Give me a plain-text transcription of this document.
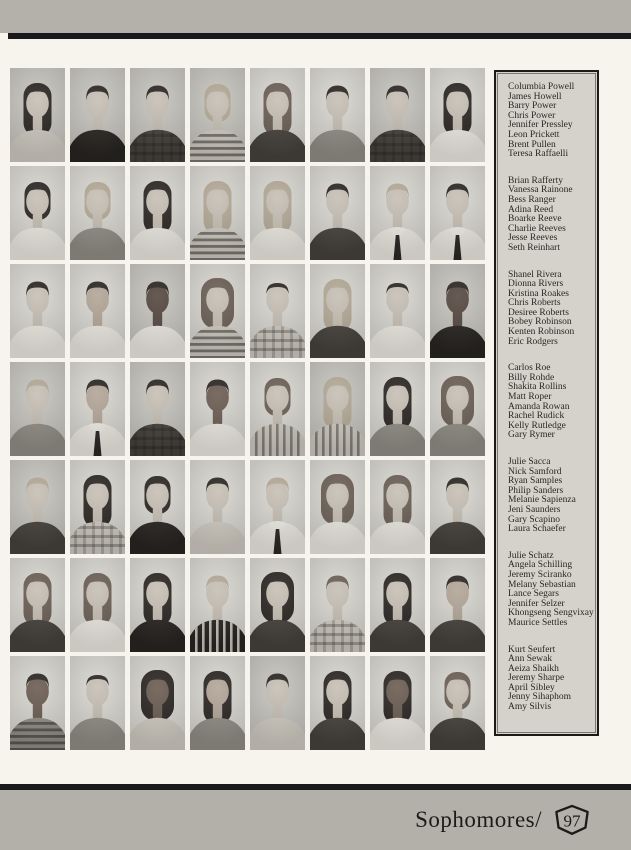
Columbia Powell
James Howell
Barry Power
Chris Power
Jennifer Pressley
Leon Prickett
Brent Pullen
Teresa Raffaelli
Brian Rafferty
Vanessa Rainone
Bess Ranger
Adina Reed
Boarke Reeve
Charlie Reeves
Jesse Reeves
Seth Reinhart
Shanel Rivera
Dionna Rivers
Kristina Roakes
Chris Roberts
Desiree Roberts
Bobey Robinson
Kenten Robinson
Eric Rodgers
Carlos Roe
Billy Rohde
Shakita Rollins
Matt Roper
Amanda Rowan
Rachel Rudick
Kelly Rutledge
Gary Rymer
Julie Sacca
Nick Samford
Ryan Samples
Philip Sanders
Melanie Sapienza
Jeni Saunders
Gary Scapino
Laura Schaefer
Julie Schatz
Angela Schilling
Jeremy Sciranko
Melany Sebastian
Lance Segars
Jennifer Selzer
Khongseng Sengvixay
Maurice Settles
Kurt Seufert
Ann Sewak
Aeiza Shaikh
Jeremy Sharpe
April Sibley
Jenny Sihaphom
Amy Silvis
Sophomores/ 97
